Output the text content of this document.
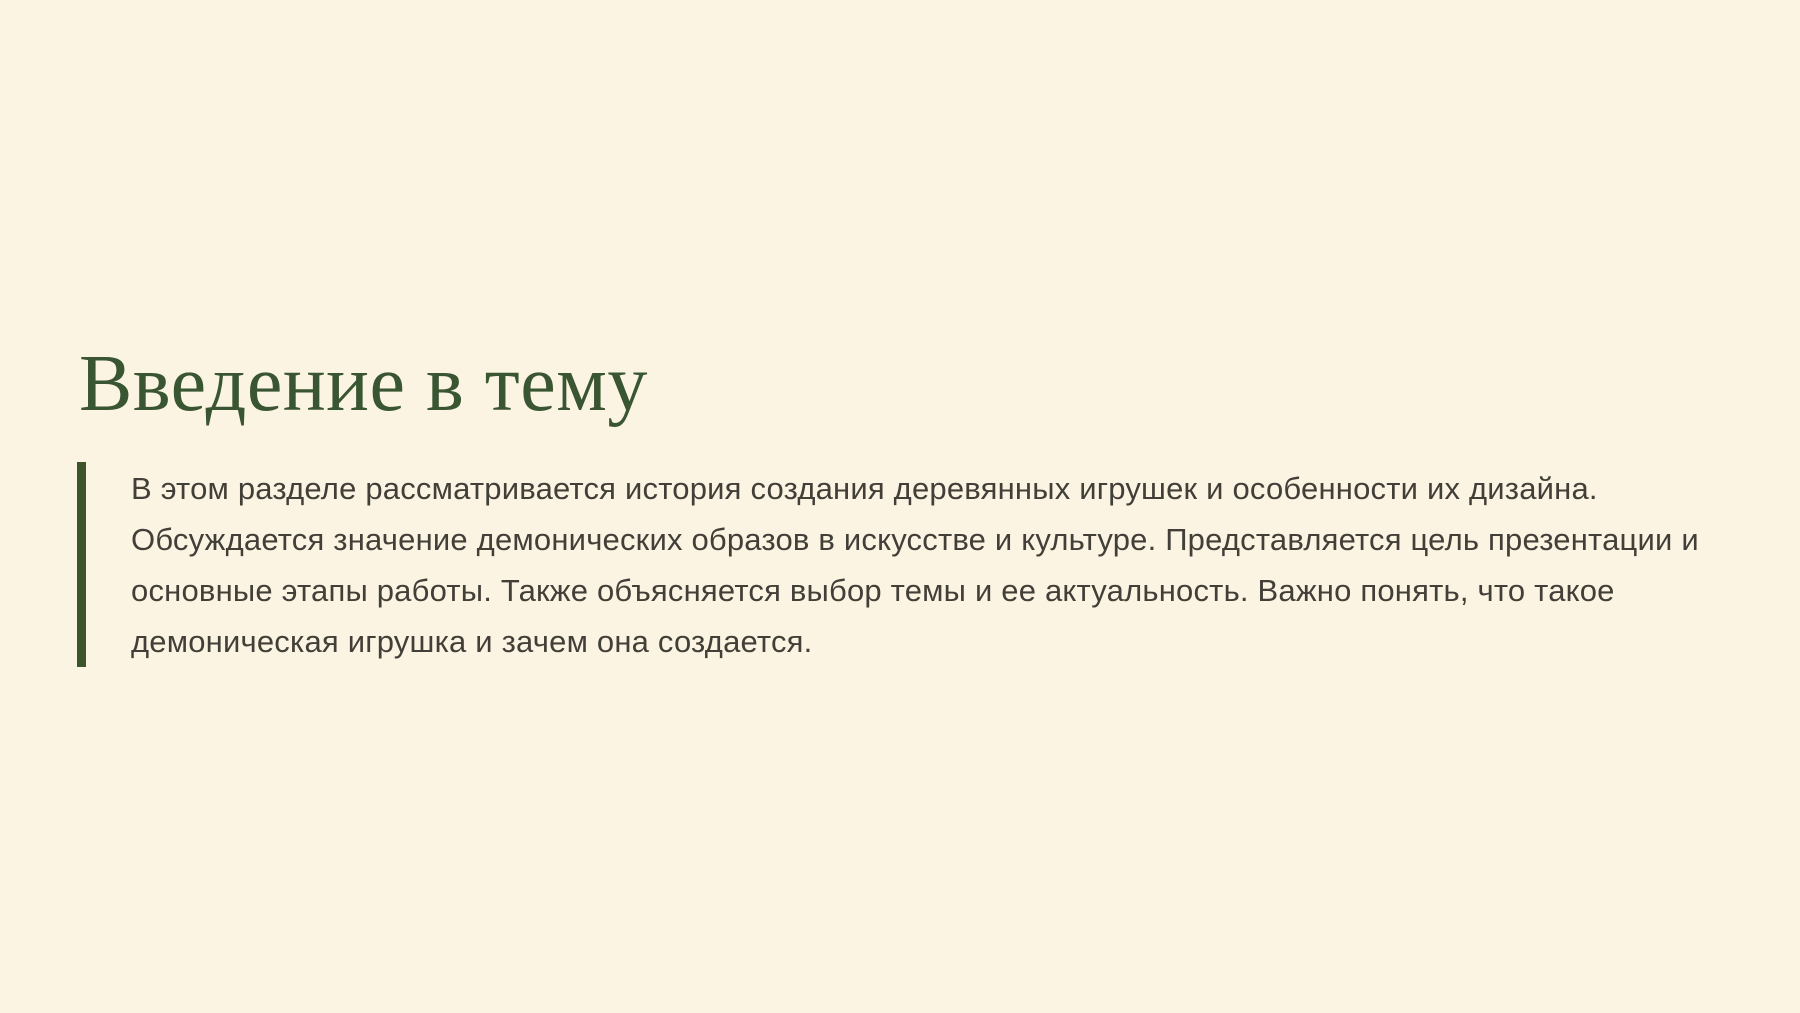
Введение в тему
В этом разделе рассматривается история создания деревянных игрушек и особенности их дизайна.
Обсуждается значение демонических образов в искусстве и культуре. Представляется цель презентации и
основные этапы работы. Также объясняется выбор темы и ее актуальность. Важно понять, что такое
демоническая игрушка и зачем она создается.
